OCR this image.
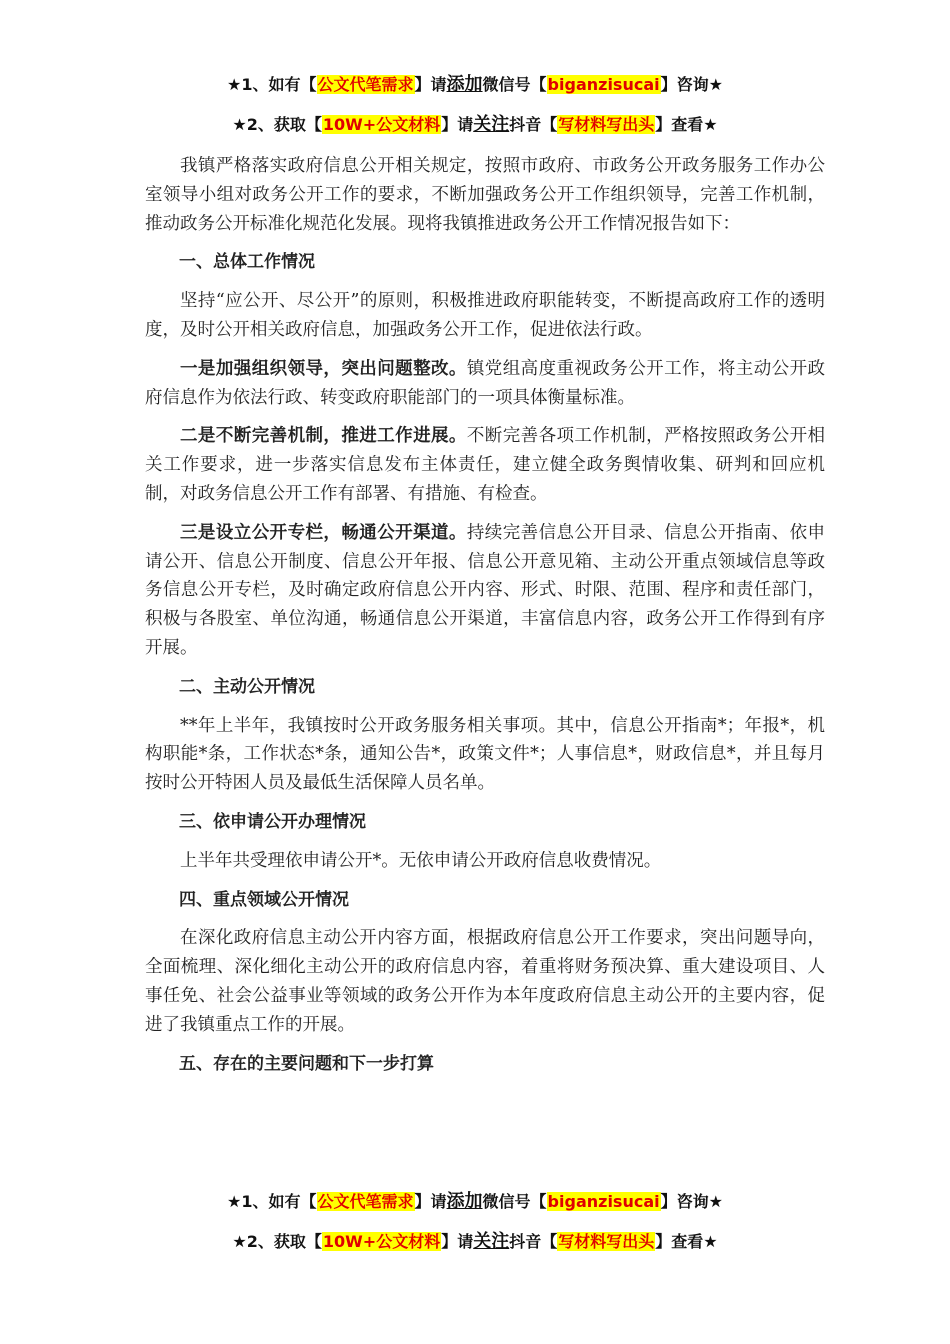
★1、如有【公文代笔需求】请添加微信号【biganzisucai】咨询★
★2、获取【10W+公文材料】请关注抖音【写材料写出头】查看★

我镇严格落实政府信息公开相关规定，按照市政府、市政务公开政务服务工作办公室领导小组对政务公开工作的要求，不断加强政务公开工作组织领导，完善工作机制，推动政务公开标准化规范化发展。现将我镇推进政务公开工作情况报告如下：

一、总体工作情况

坚持“应公开、尽公开”的原则，积极推进政府职能转变，不断提高政府工作的透明度，及时公开相关政府信息，加强政务公开工作，促进依法行政。

一是加强组织领导，突出问题整改。镇党组高度重视政务公开工作，将主动公开政府信息作为依法行政、转变政府职能部门的一项具体衡量标准。

二是不断完善机制，推进工作进展。不断完善各项工作机制，严格按照政务公开相关工作要求，进一步落实信息发布主体责任，建立健全政务舆情收集、研判和回应机制，对政务信息公开工作有部署、有措施、有检查。

三是设立公开专栏，畅通公开渠道。持续完善信息公开目录、信息公开指南、依申请公开、信息公开制度、信息公开年报、信息公开意见箱、主动公开重点领域信息等政务信息公开专栏，及时确定政府信息公开内容、形式、时限、范围、程序和责任部门，积极与各股室、单位沟通，畅通信息公开渠道，丰富信息内容，政务公开工作得到有序开展。

二、主动公开情况

**年上半年，我镇按时公开政务服务相关事项。其中，信息公开指南*；年报*，机构职能*条，工作状态*条，通知公告*，政策文件*；人事信息*，财政信息*，并且每月按时公开特困人员及最低生活保障人员名单。

三、依申请公开办理情况

上半年共受理依申请公开*。无依申请公开政府信息收费情况。

四、重点领域公开情况

在深化政府信息主动公开内容方面，根据政府信息公开工作要求，突出问题导向，全面梳理、深化细化主动公开的政府信息内容，着重将财务预决算、重大建设项目、人事任免、社会公益事业等领域的政务公开作为本年度政府信息主动公开的主要内容，促进了我镇重点工作的开展。

五、存在的主要问题和下一步打算

★1、如有【公文代笔需求】请添加微信号【biganzisucai】咨询★
★2、获取【10W+公文材料】请关注抖音【写材料写出头】查看★
